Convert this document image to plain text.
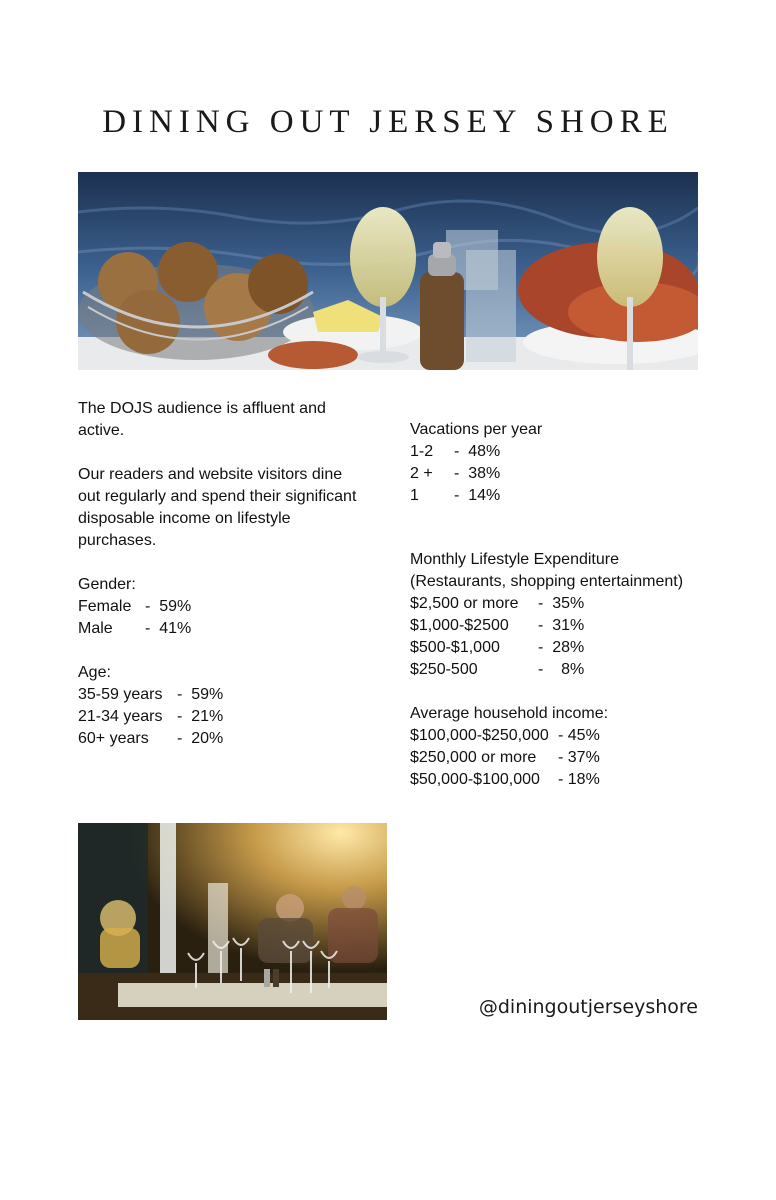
DINING OUT JERSEY SHORE

The DOJS audience is affluent and active.

Our readers and website visitors dine out regularly and spend their significant disposable income on lifestyle purchases.

Gender:

Female -  59%
Male	-  41%

Age:

35-59 years -  59%
21-34 years -  21%
60+ years	-  20%

Vacations per year

1-2	-  48%
2 +	-  38%
1	-  14%

Monthly Lifestyle Expenditure

(Restaurants, shopping entertainment)

$2,500 or more	-  35%
$1,000-$2500	-  31%
$500-$1,000	-  28%
$250-500	-    8%

Average household income:

$100,000-$250,000 - 45%
$250,000 or more	- 37%
$50,000-$100,000	- 18%
@diningoutjerseyshore
